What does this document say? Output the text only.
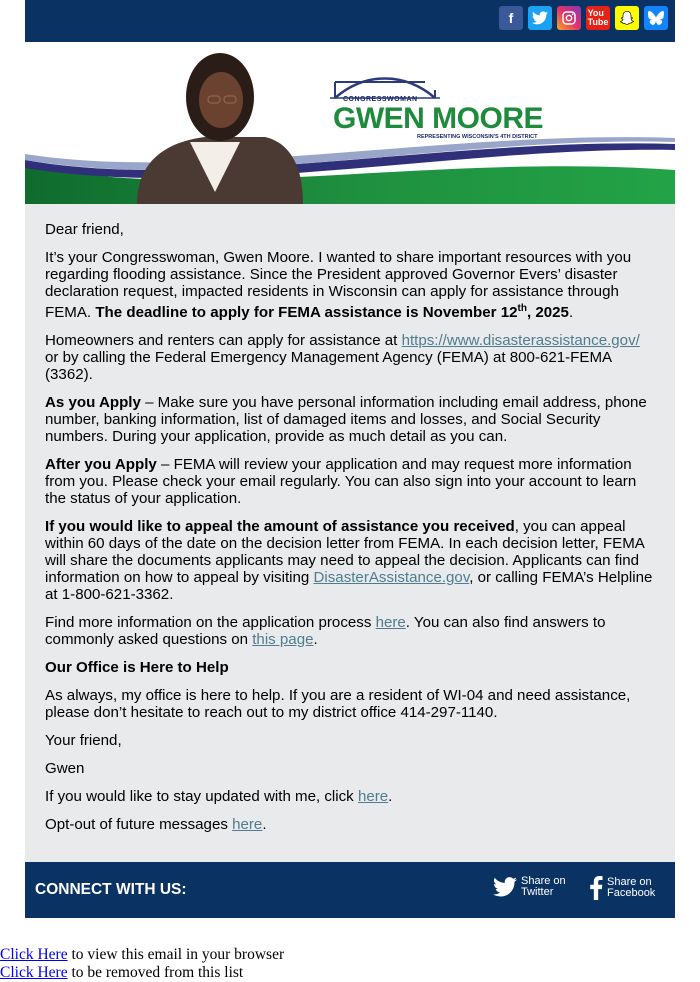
f	You
Tube
CONGRESSWOMAN
GWEN MOORE
REPRESENTING WISCONSIN'S 4TH DISTRICT

Dear friend,

It’s your Congresswoman, Gwen Moore. I wanted to share important resources with you regarding flooding assistance. Since the President approved Governor Evers’ disaster declaration request, impacted residents in Wisconsin can apply for assistance through FEMA. The deadline to apply for FEMA assistance is November 12th, 2025.

Homeowners and renters can apply for assistance at https://www.disasterassistance.gov/ or by calling the Federal Emergency Management Agency (FEMA) at 800-621-FEMA (3362).

As you Apply – Make sure you have personal information including email address, phone number, banking information, list of damaged items and losses, and Social Security numbers. During your application, provide as much detail as you can.

After you Apply – FEMA will review your application and may request more information from you. Please check your email regularly. You can also sign into your account to learn the status of your application.

If you would like to appeal the amount of assistance you received, you can appeal within 60 days of the date on the decision letter from FEMA. In each decision letter, FEMA will share the documents applicants may need to appeal the decision. Applicants can find information on how to appeal by visiting DisasterAssistance.gov, or calling FEMA’s Helpline at 1-800-621-3362.

Find more information on the application process here. You can also find answers to commonly asked questions on this page.

Our Office is Here to Help

As always, my office is here to help. If you are a resident of WI-04 and need assistance, please don’t hesitate to reach out to my district office 414-297-1140.

Your friend,

Gwen

If you would like to stay updated with me, click here.

Opt-out of future messages here.

CONNECT WITH US:	Share on
Twitter
Share on
Facebook
Click Here to view this email in your browser
Click Here to be removed from this list
